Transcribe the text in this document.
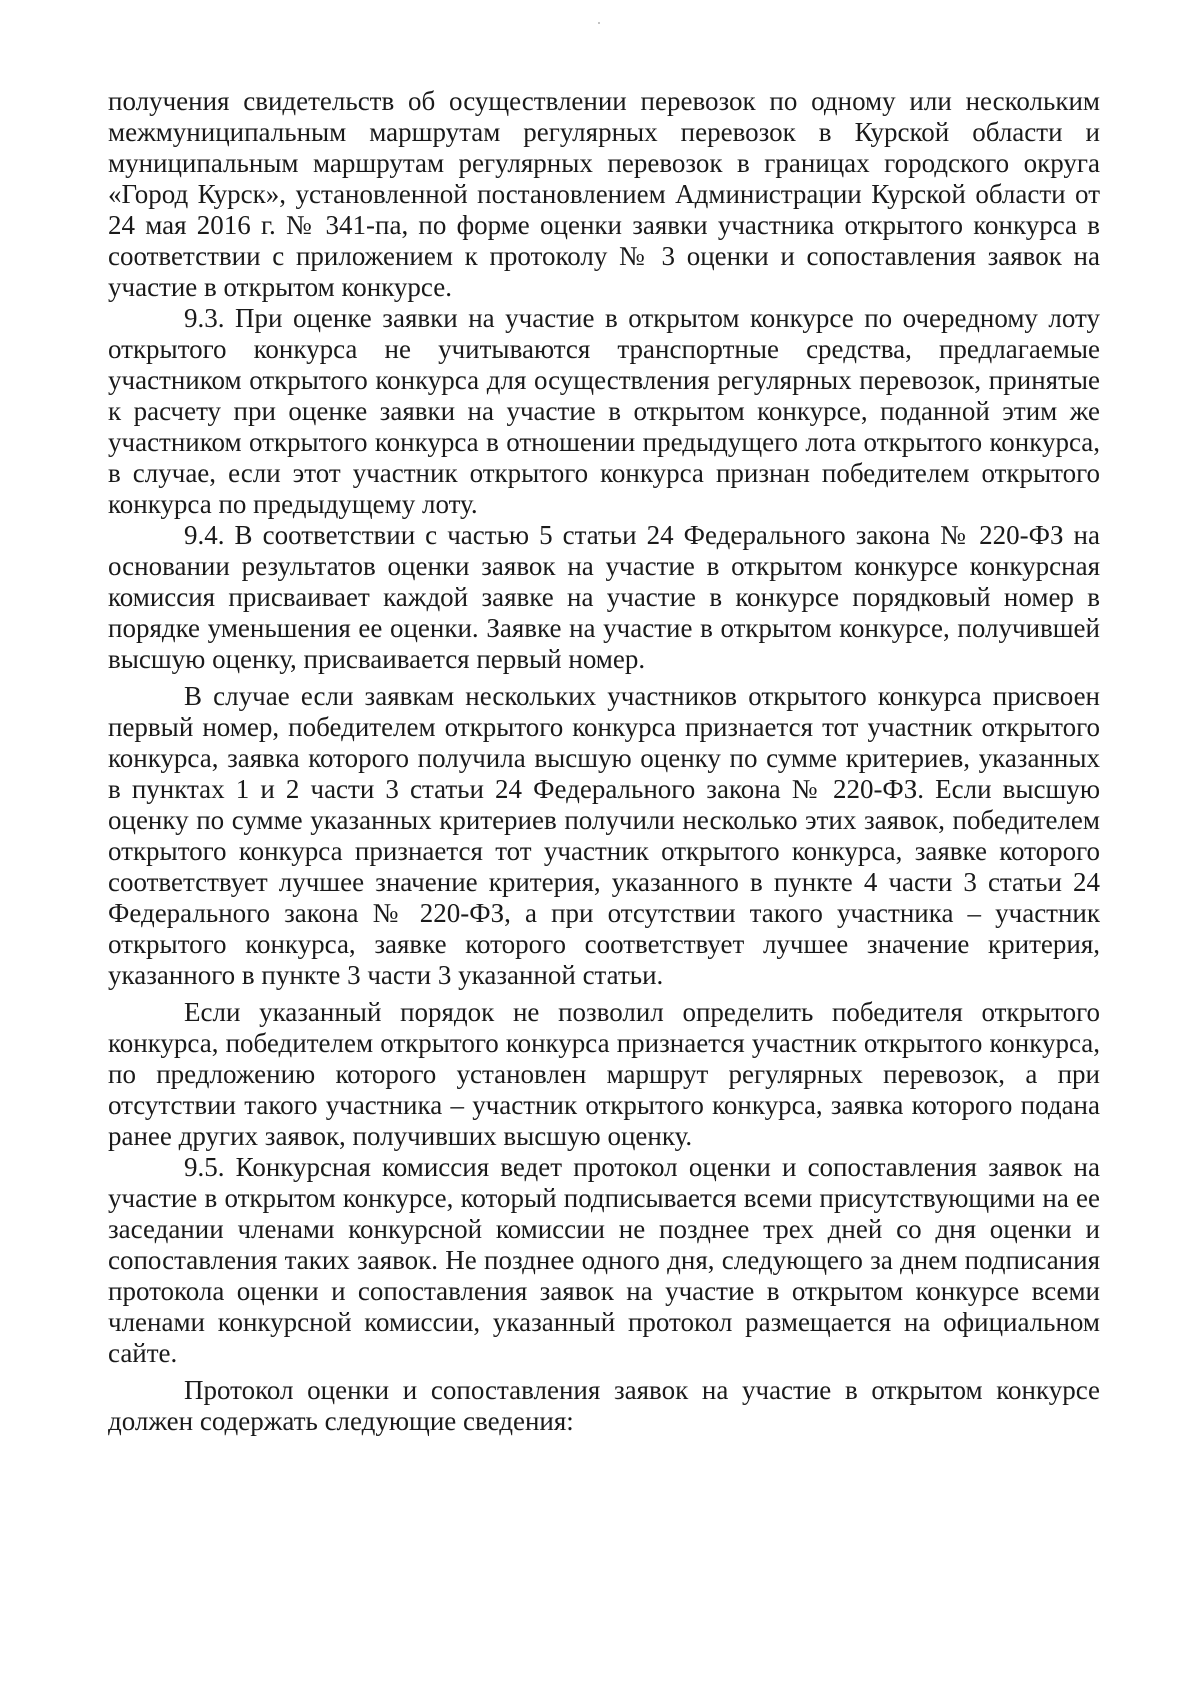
получения свидетельств об осуществлении перевозок по одному или нескольким межмуниципальным маршрутам регулярных перевозок в Курской области и муниципальным маршрутам регулярных перевозок в границах городского округа «Город Курск», установленной постановлением Администрации Курской области от 24 мая 2016 г. № 341-па, по форме оценки заявки участника открытого конкурса в соответствии с приложением к протоколу № 3 оценки и сопоставления заявок на участие в открытом конкурсе.

9.3. При оценке заявки на участие в открытом конкурсе по очередному лоту открытого конкурса не учитываются транспортные средства, предлагаемые участником открытого конкурса для осуществления регулярных перевозок, принятые к расчету при оценке заявки на участие в открытом конкурсе, поданной этим же участником открытого конкурса в отношении предыдущего лота открытого конкурса, в случае, если этот участник открытого конкурса признан победителем открытого конкурса по предыдущему лоту.

9.4. В соответствии с частью 5 статьи 24 Федерального закона № 220-ФЗ на основании результатов оценки заявок на участие в открытом конкурсе конкурсная комиссия присваивает каждой заявке на участие в конкурсе порядковый номер в порядке уменьшения ее оценки. Заявке на участие в открытом конкурсе, получившей высшую оценку, присваивается первый номер.

В случае если заявкам нескольких участников открытого конкурса присвоен первый номер, победителем открытого конкурса признается тот участник открытого конкурса, заявка которого получила высшую оценку по сумме критериев, указанных в пунктах 1 и 2 части 3 статьи 24 Федерального закона № 220-ФЗ. Если высшую оценку по сумме указанных критериев получили несколько этих заявок, победителем открытого конкурса признается тот участник открытого конкурса, заявке которого соответствует лучшее значение критерия, указанного в пункте 4 части 3 статьи 24 Федерального закона № 220-ФЗ, а при отсутствии такого участника – участник открытого конкурса, заявке которого соответствует лучшее значение критерия, указанного в пункте 3 части 3 указанной статьи.

Если указанный порядок не позволил определить победителя открытого конкурса, победителем открытого конкурса признается участник открытого конкурса, по предложению которого установлен маршрут регулярных перевозок, а при отсутствии такого участника – участник открытого конкурса, заявка которого подана ранее других заявок, получивших высшую оценку.

9.5. Конкурсная комиссия ведет протокол оценки и сопоставления заявок на участие в открытом конкурсе, который подписывается всеми присутствующими на ее заседании членами конкурсной комиссии не позднее трех дней со дня оценки и сопоставления таких заявок. Не позднее одного дня, следующего за днем подписания протокола оценки и сопоставления заявок на участие в открытом конкурсе всеми членами конкурсной комиссии, указанный протокол размещается на официальном сайте.

Протокол оценки и сопоставления заявок на участие в открытом конкурсе должен содержать следующие сведения:
